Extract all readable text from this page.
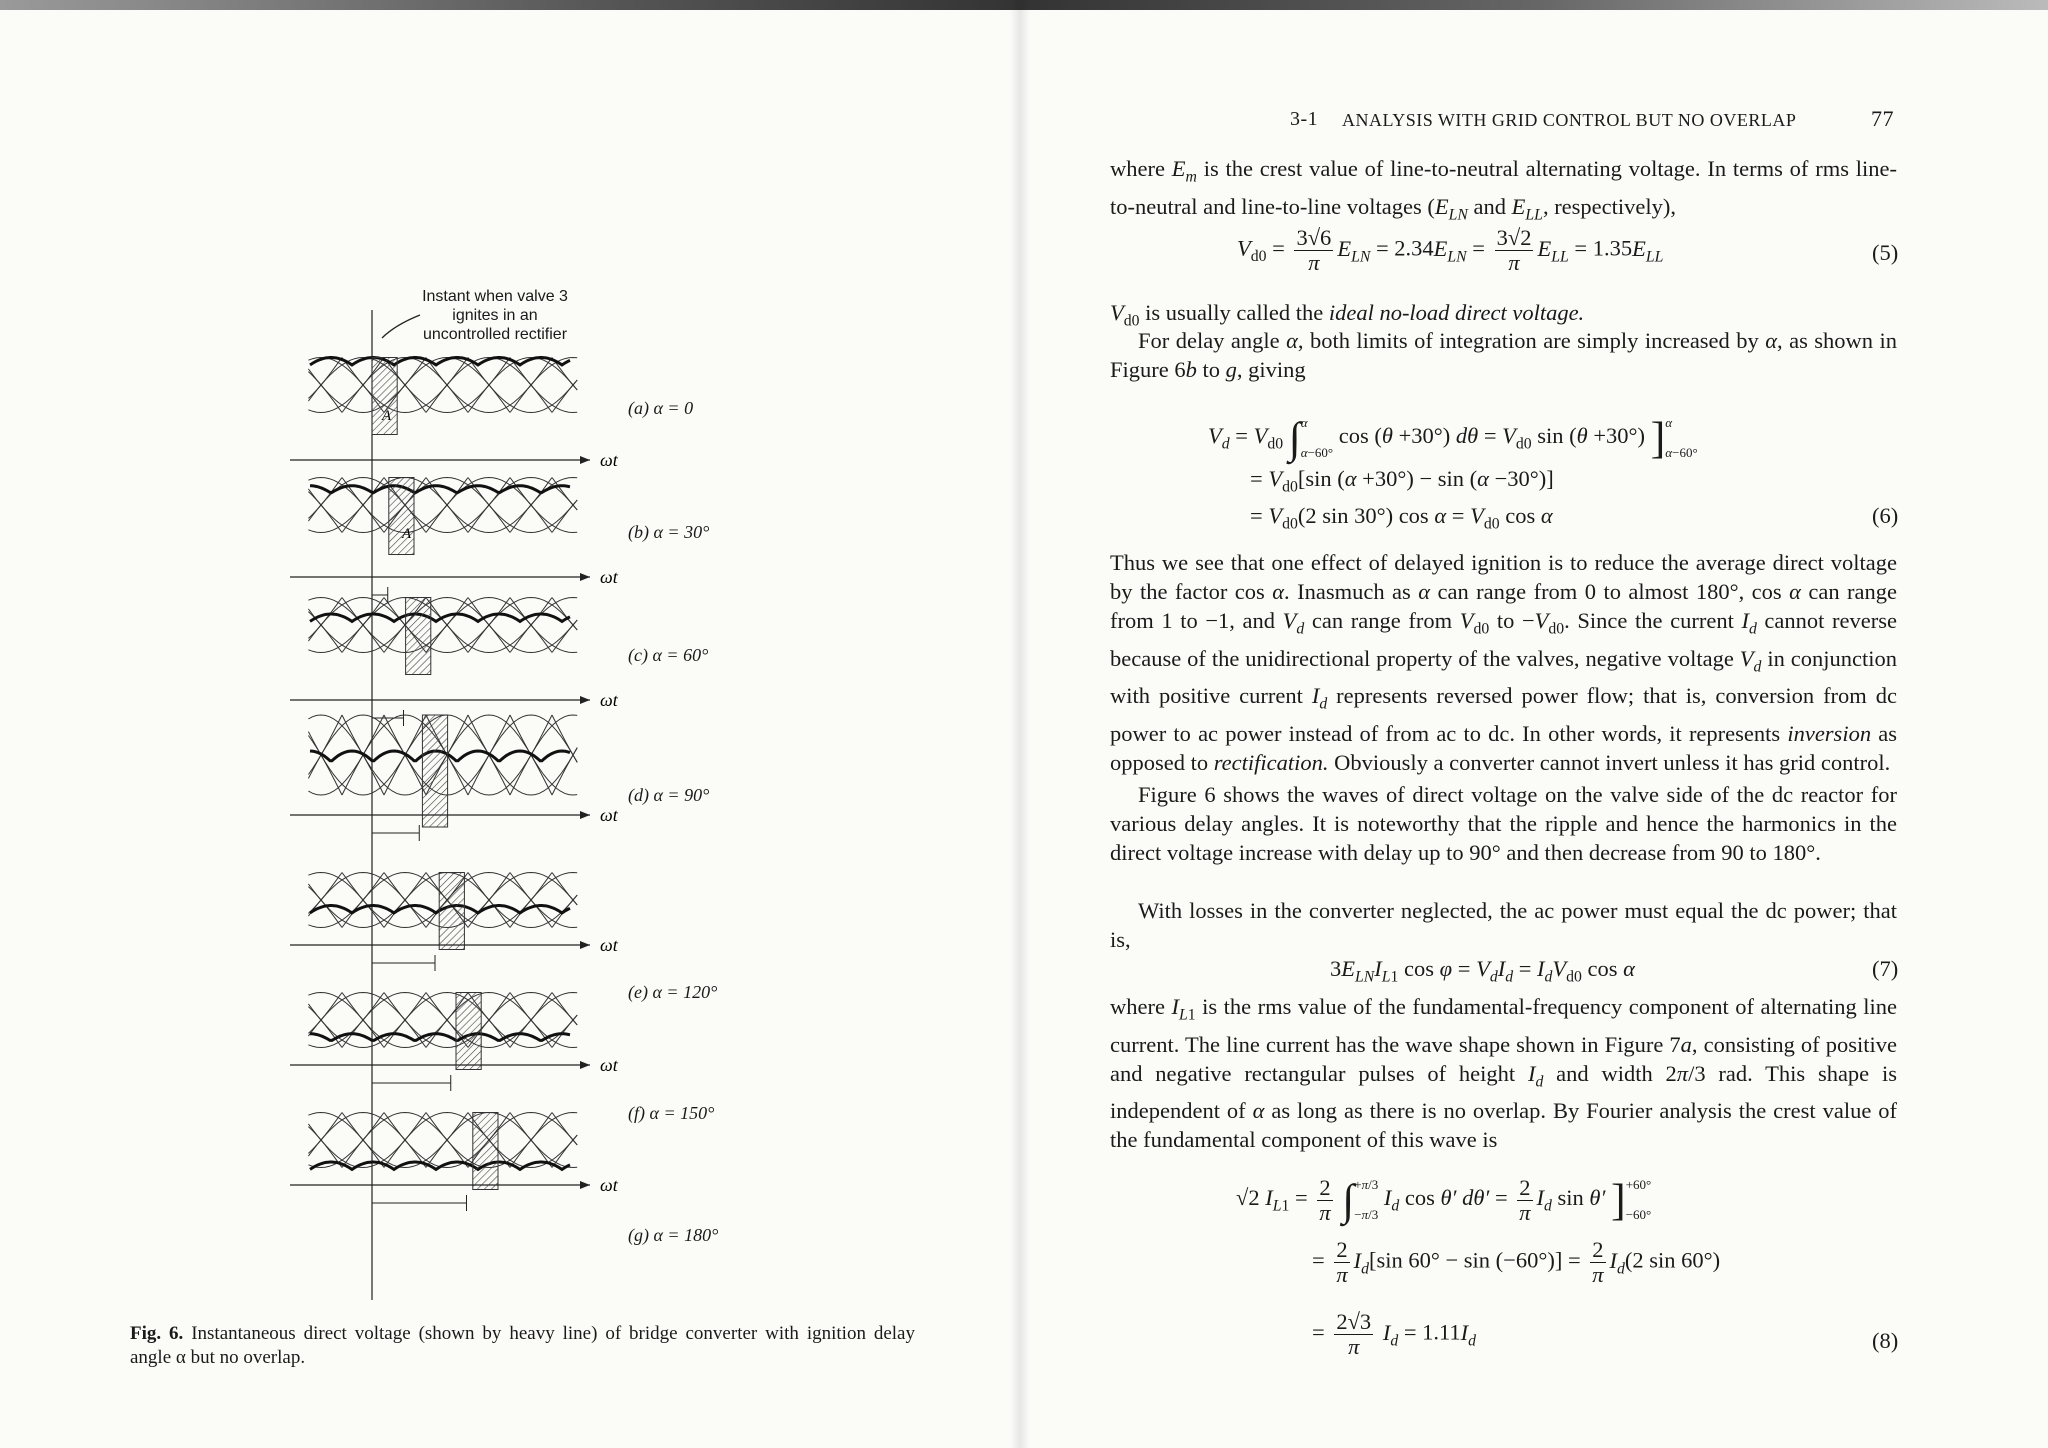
Instant when valve 3
ignites in an
uncontrolled rectifier
ωt
ωt
ωt
ωt
ωt
ωt
ωt
A
A
(a) α = 0
(b) α = 30°
(c) α = 60°
(d) α = 90°
(e) α = 120°
(f) α = 150°
(g) α = 180°
Fig. 6. Instantaneous direct voltage (shown by heavy line) of bridge converter with ignition delay angle α but no overlap.
3-1 ANALYSIS WITH GRID CONTROL BUT NO OVERLAP	77
where $E_m$ is the crest value of line-to-neutral alternating voltage. In terms of rms line-to-neutral and line-to-line voltages ($E_{LN}$ and $E_{LL}$, respectively),
$V_{d0} = \frac{3√6}{\pi} E_{LN} = 2.34E_{LN} = \frac{3√2}{\pi} E_{LL} = 1.35E_{LL}$	(5)
$V_{d0}$ is usually called the ideal no-load direct voltage.
For delay angle α, both limits of integration are simply increased by α, as shown in Figure 6b to g, giving
$V_d = V_{d0}$ ∫α
α−60° cos (θ +30°) $d\theta = V_{d0}$ sin (θ +30°) ]α
α−60°
= $V_{d0}[\sin$ (α +30°) − sin (α −30°)]
= $V_{d0}(2$ sin 30°) $\cos \alpha = V_{d0}$ cos α	(6)
Thus we see that one effect of delayed ignition is to reduce the average direct voltage by the factor cos α. Inasmuch as α can range from 0 to almost 180°, cos α can range from 1 to −1, and $V_d$ can range from $V_{d0}$ to $-V_{d0}$. Since the current $I_d$ cannot reverse because of the unidirectional property of the valves, negative voltage $V_d$ in conjunction with positive current $I_d$ represents reversed power flow; that is, conversion from dc power to ac power instead of from ac to dc. In other words, it represents inversion as opposed to rectification. Obviously a converter cannot invert unless it has grid control.
Figure 6 shows the waves of direct voltage on the valve side of the dc reactor for various delay angles. It is noteworthy that the ripple and hence the harmonics in the direct voltage increase with delay up to 90° and then decrease from 90 to 180°.
With losses in the converter neglected, the ac power must equal the dc power; that is,
$3E_{LN}I_{L1}$ $\cos \varphi = V_dI_d = I_dV_{d0}$ cos α	(7)
where $I_{L1}$ is the rms value of the fundamental-frequency component of alternating line current. The line current has the wave shape shown in Figure 7a, consisting of positive and negative rectangular pulses of height $I_d$ and width 2π/3 rad. This shape is independent of α as long as there is no overlap. By Fourier analysis the crest value of the fundamental component of this wave is
√2 $I_{L1} = \frac{2}{\pi} \int+\pi/3$
−π/3 $I_d$ cos θ′ $d\theta' = \frac{2}{\pi} I_d$ sin θ′ ]+60°
−60°
= $\frac{2}{\pi} I_d[\sin$ $60^\circ - \sin (-60^\circ)] = \frac{2}{\pi} I_d(2$ sin 60°)
= $\frac{2√3}{\pi} I_d = 1.11I_d$	(8)
